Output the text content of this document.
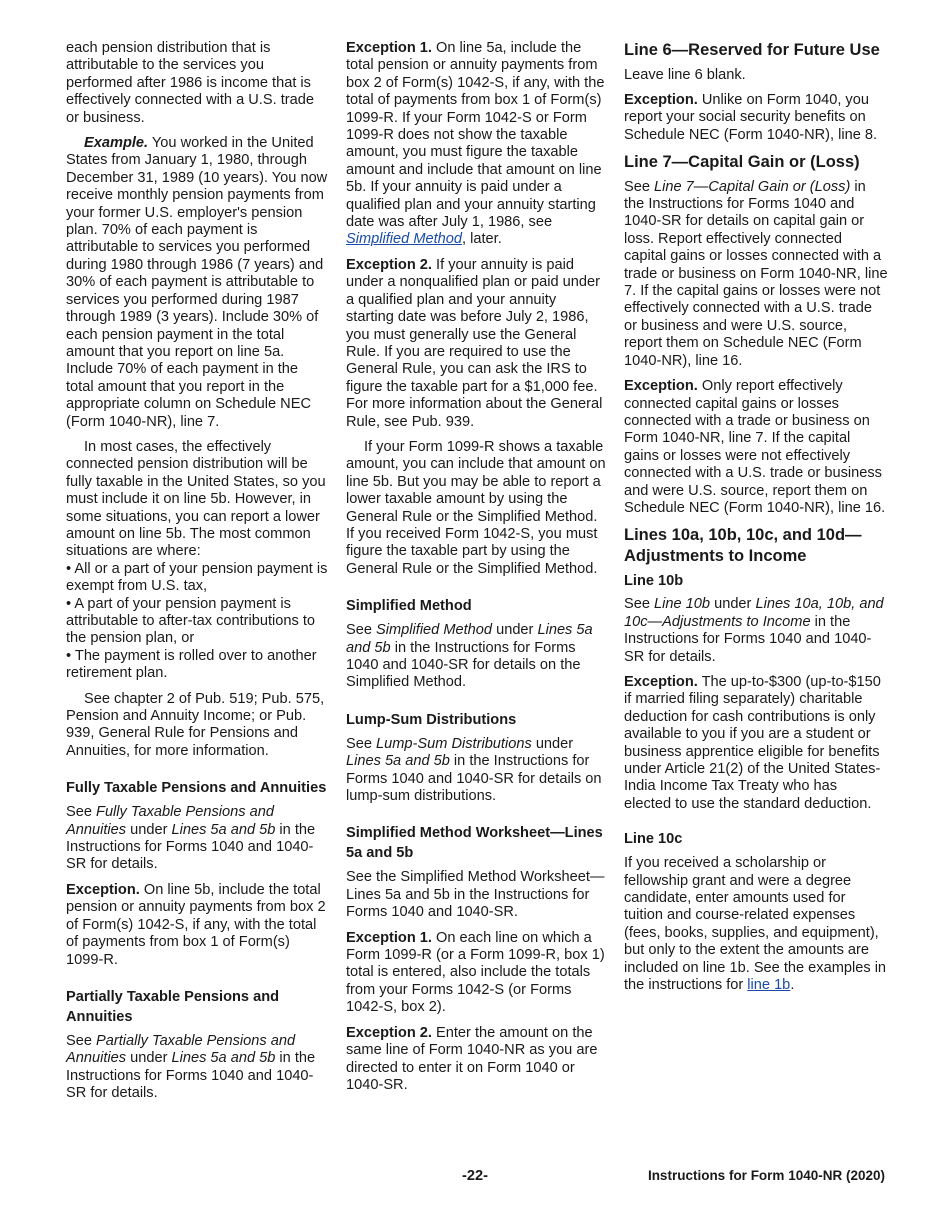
each pension distribution that is attributable to the services you performed after 1986 is income that is effectively connected with a U.S. trade or business.

Example. You worked in the United States from January 1, 1980, through December 31, 1989 (10 years). You now receive monthly pension payments from your former U.S. employer's pension plan. 70% of each payment is attributable to services you performed during 1980 through 1986 (7 years) and 30% of each payment is attributable to services you performed during 1987 through 1989 (3 years). Include 30% of each pension payment in the total amount that you report on line 5a. Include 70% of each payment in the total amount that you report in the appropriate column on Schedule NEC (Form 1040-NR), line 7.

In most cases, the effectively connected pension distribution will be fully taxable in the United States, so you must include it on line 5b. However, in some situations, you can report a lower amount on line 5b. The most common situations are where:

• All or a part of your pension payment is exempt from U.S. tax,

• A part of your pension payment is attributable to after-tax contributions to the pension plan, or

• The payment is rolled over to another retirement plan.

See chapter 2 of Pub. 519; Pub. 575, Pension and Annuity Income; or Pub. 939, General Rule for Pensions and Annuities, for more information.

Fully Taxable Pensions and Annuities

See Fully Taxable Pensions and Annuities under Lines 5a and 5b in the Instructions for Forms 1040 and 1040-SR for details.

Exception. On line 5b, include the total pension or annuity payments from box 2 of Form(s) 1042-S, if any, with the total of payments from box 1 of Form(s) 1099-R.

Partially Taxable Pensions and Annuities

See Partially Taxable Pensions and Annuities under Lines 5a and 5b in the Instructions for Forms 1040 and 1040-SR for details.

Exception 1. On line 5a, include the total pension or annuity payments from box 2 of Form(s) 1042-S, if any, with the total of payments from box 1 of Form(s) 1099-R. If your Form 1042-S or Form 1099-R does not show the taxable amount, you must figure the taxable amount and include that amount on line 5b. If your annuity is paid under a qualified plan and your annuity starting date was after July 1, 1986, see Simplified Method, later.

Exception 2. If your annuity is paid under a nonqualified plan or paid under a qualified plan and your annuity starting date was before July 2, 1986, you must generally use the General Rule. If you are required to use the General Rule, you can ask the IRS to figure the taxable part for a $1,000 fee. For more information about the General Rule, see Pub. 939.

If your Form 1099-R shows a taxable amount, you can include that amount on line 5b. But you may be able to report a lower taxable amount by using the General Rule or the Simplified Method. If you received Form 1042-S, you must figure the taxable part by using the General Rule or the Simplified Method.

Simplified Method

See Simplified Method under Lines 5a and 5b in the Instructions for Forms 1040 and 1040-SR for details on the Simplified Method.

Lump-Sum Distributions

See Lump-Sum Distributions under Lines 5a and 5b in the Instructions for Forms 1040 and 1040-SR for details on lump-sum distributions.

Simplified Method Worksheet—Lines 5a and 5b

See the Simplified Method Worksheet—Lines 5a and 5b in the Instructions for Forms 1040 and 1040-SR.

Exception 1. On each line on which a Form 1099-R (or a Form 1099-R, box 1) total is entered, also include the totals from your Forms 1042-S (or Forms 1042-S, box 2).

Exception 2. Enter the amount on the same line of Form 1040-NR as you are directed to enter it on Form 1040 or 1040-SR.

Line 6—Reserved for Future Use

Leave line 6 blank.

Exception. Unlike on Form 1040, you report your social security benefits on Schedule NEC (Form 1040-NR), line 8.

Line 7—Capital Gain or (Loss)

See Line 7—Capital Gain or (Loss) in the Instructions for Forms 1040 and 1040-SR for details on capital gain or loss. Report effectively connected capital gains or losses connected with a trade or business on Form 1040-NR, line 7. If the capital gains or losses were not effectively connected with a U.S. trade or business and were U.S. source, report them on Schedule NEC (Form 1040-NR), line 16.

Exception. Only report effectively connected capital gains or losses connected with a trade or business on Form 1040-NR, line 7. If the capital gains or losses were not effectively connected with a U.S. trade or business and were U.S. source, report them on Schedule NEC (Form 1040-NR), line 16.

Lines 10a, 10b, 10c, and 10d—Adjustments to Income
Line 10b

See Line 10b under Lines 10a, 10b, and 10c—Adjustments to Income in the Instructions for Forms 1040 and 1040-SR for details.

Exception. The up-to-$300 (up-to-$150 if married filing separately) charitable deduction for cash contributions is only available to you if you are a student or business apprentice eligible for benefits under Article 21(2) of the United States-India Income Tax Treaty who has elected to use the standard deduction.

Line 10c

If you received a scholarship or fellowship grant and were a degree candidate, enter amounts used for tuition and course-related expenses (fees, books, supplies, and equipment), but only to the extent the amounts are included on line 1b. See the examples in the instructions for line 1b.

-22-	Instructions for Form 1040-NR (2020)
